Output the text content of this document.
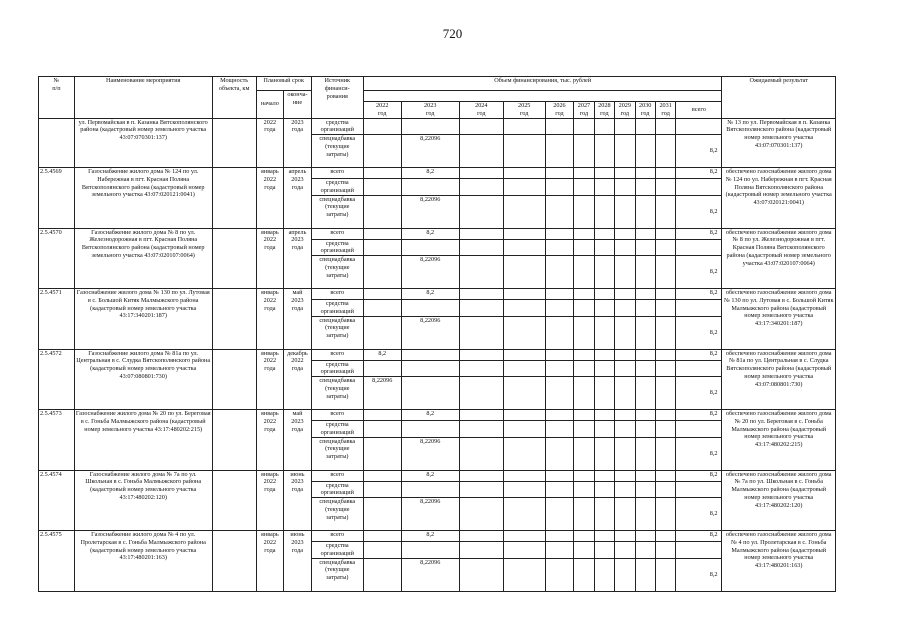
720
№
п/п	Наименование мероприятия	Мощность объекта, км	Плановый срок		Источник
финанси-
рования	Объем финансирования, тыс. рублей											Ожидаемый результат
			начало	оконча-
ние													
						2022
год	2023
год	2024
год	2025
год	2026
год	2027
год	2028
год	2029
год	2030
год	2031
год	всего	
	ул. Первомайская в п. Казанка Вятскополянского района (кадастровый номер земельного участка 43:07:070301:137)		2022
года	2023
года	средства
организаций												№ 13 по ул. Первомайская в п. Казанка Вятскополянского района (кадастровый номер земельного участка 43:07:070301:137)
					спецнадбавка
(текущие
затраты)		8,22096									8,2	
2.5.4569	Газоснабжение жилого дома № 124 по ул. Набережная в пгт. Красная Поляна Вятскополянского района (кадастровый номер земельного участка 43:07:020121:0041)		январь
2022
года	апрель
2023
года	всего		8,2									8,2	обеспечено газоснабжение жилого дома № 124 по ул. Набережная в пгт. Красная Поляна Вятскополянского района (кадастровый номер земельного участка 43:07:020121:0041)
					средства
организаций												
					спецнадбавка
(текущие
затраты)		8,22096									8,2	
2.5.4570	Газоснабжение жилого дома № 8 по ул. Железнодорожная в пгт. Красная Поляна Вятскополянского района (кадастровый номер земельного участка 43:07:020107:0064)		январь
2022
года	апрель
2023
года	всего		8,2									8,2	обеспечено газоснабжение жилого дома № 8 по ул. Железнодорожная в пгт. Красная Поляна Вятскополянского района (кадастровый номер земельного участка 43:07:020107:0064)
					средства
организаций												
					спецнадбавка
(текущие
затраты)		8,22096									8,2	
2.5.4571	Газоснабжение жилого дома № 130 по ул. Лутовая в с. Большой Китяк Малмыжского района (кадастровый номер земельного участка 43:17:340201:187)		январь
2022
года	май
2023
года	всего		8,2									8,2	обеспечено газоснабжение жилого дома № 130 по ул. Лутовая в с. Большой Китяк Малмыжского района (кадастровый номер земельного участка 43:17:340201:187)
					средства
организаций												
					спецнадбавка
(текущие
затраты)		8,22096									8,2	
2.5.4572	Газоснабжение жилого дома № 81а по ул. Центральная в с. Слудка Вятскополянского района (кадастровый номер земельного участка 43:07:080801:730)		январь
2022
года	декабрь
2022
года	всего	8,2										8,2	обеспечено газоснабжение жилого дома № 81а по ул. Центральная в с. Слудка Вятскополянского района (кадастровый номер земельного участка 43:07:080801:730)
					средства
организаций												
					спецнадбавка
(текущие
затраты)	8,22096										8,2	
2.5.4573	Газоснабжение жилого дома № 20 по ул. Береговая в с. Гоньба Малмыжского района (кадастровый номер земельного участка 43:17:480202:215)		январь
2022
года	май
2023
года	всего		8,2									8,2	обеспечено газоснабжение жилого дома № 20 по ул. Береговая в с. Гоньба Малмыжского района (кадастровый номер земельного участка 43:17:480202:215)
					средства
организаций												
					спецнадбавка
(текущие
затраты)		8,22096									8,2	
2.5.4574	Газоснабжение жилого дома № 7а по ул. Школьная в с. Гоньба Малмыжского района (кадастровый номер земельного участка 43:17:480202:120)		январь
2022
года	июнь
2023
года	всего		8,2									8,2	обеспечено газоснабжение жилого дома № 7а по ул. Школьная в с. Гоньба Малмыжского района (кадастровый номер земельного участка 43:17:480202:120)
					средства
организаций												
					спецнадбавка
(текущие
затраты)		8,22096									8,2	
2.5.4575	Газоснабжение жилого дома № 4 по ул. Пролетарская в с. Гоньба Малмыжского района (кадастровый номер земельного участка 43:17:480201:163)		январь
2022
года	июнь
2023
года	всего		8,2									8,2	обеспечено газоснабжение жилого дома № 4 по ул. Пролетарская в с. Гоньба Малмыжского района (кадастровый номер земельного участка 43:17:480201:163)
					средства
организаций												
					спецнадбавка
(текущие
затраты)		8,22096									8,2	
